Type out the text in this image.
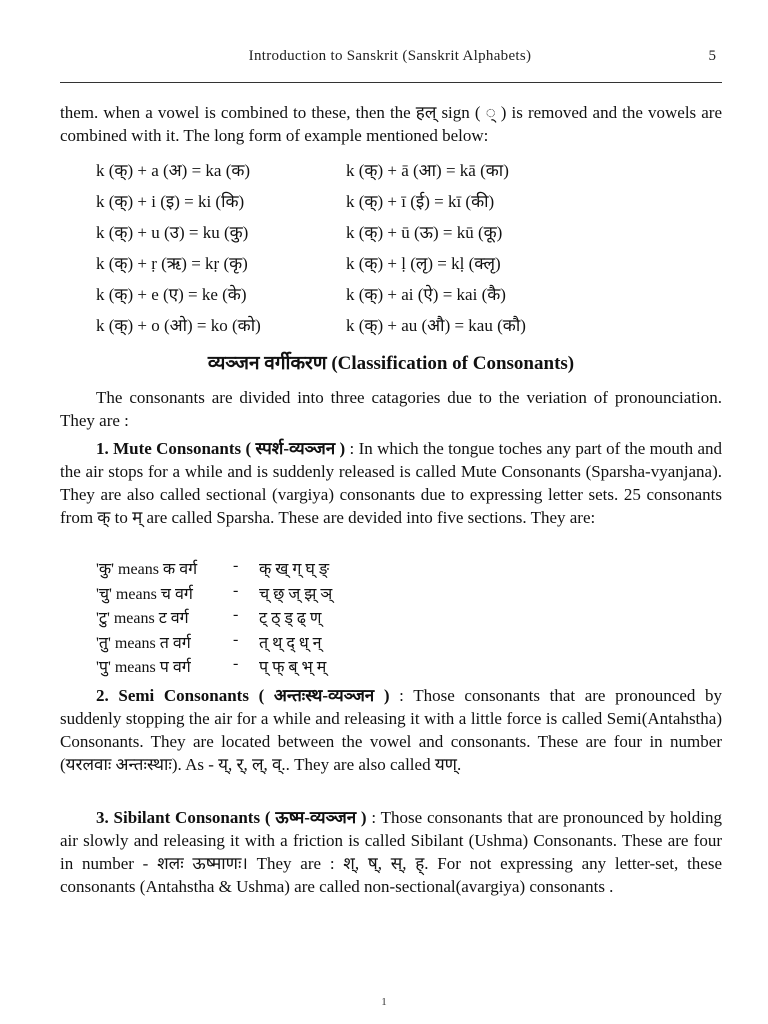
Introduction to Sanskrit (Sanskrit Alphabets)	5
them. when a vowel is combined to these, then the हल् sign ( ् ) is removed and the vowels are combined with it. The long form of example mentioned below:
k (क्) + a (अ) = ka (क)	k (क्) + ā (आ) = kā (का)
k (क्) + i (इ) = ki (कि)	k (क्) + ī (ई) = kī (की)
k (क्) + u (उ) = ku (कु)	k (क्) + ū (ऊ) = kū (कू)
k (क्) + ṛ (ऋ) = kṛ (कृ)	k (क्) + ḷ (लृ) = kḷ (क्लृ)
k (क्) + e (ए) = ke (के)	k (क्) + ai (ऐ) = kai (कै)
k (क्) + o (ओ) = ko (को)	k (क्) + au (औ) = kau (कौ)
व्यञ्जन वर्गीकरण (Classification of Consonants)
The consonants are divided into three catagories due to the veriation of pronounciation. They are :
1. Mute Consonants ( स्पर्श-व्यञ्जन ) : In which the tongue toches any part of the mouth and the air stops for a while and is suddenly released is called Mute Consonants (Sparsha-vyanjana). They are also called sectional (vargiya) consonants due to expressing letter sets. 25 consonants from क् to म् are called Sparsha. These are devided into five sections. They are:
'कु' means क वर्ग - क् ख् ग् घ् ङ्
'चु' means च वर्ग	- च् छ् ज् झ् ञ्
'टु' means ट वर्ग	- ट् ठ् ड् ढ् ण्
'तु' means त वर्ग	- त् थ् द् ध् न्
'पु' means प वर्ग	- प् फ् ब् भ् म्
2. Semi Consonants ( अन्तःस्थ-व्यञ्जन ) : Those consonants that are pronounced by suddenly stopping the air for a while and releasing it with a little force is called Semi(Antahstha) Consonants. They are located between the vowel and consonants. These are four in number (यरलवाः अन्तःस्थाः). As - य्, र्, ल्, व्.. They are also called यण्.
3. Sibilant Consonants ( ऊष्म-व्यञ्जन ) : Those consonants that are pronounced by holding air slowly and releasing it with a friction is called Sibilant (Ushma) Consonants. These are four in number - शलः ऊष्माणः। They are : श्, ष्, स्, ह्. For not expressing any letter-set, these consonants (Antahstha & Ushma) are called non-sectional(avargiya) consonants .
1
